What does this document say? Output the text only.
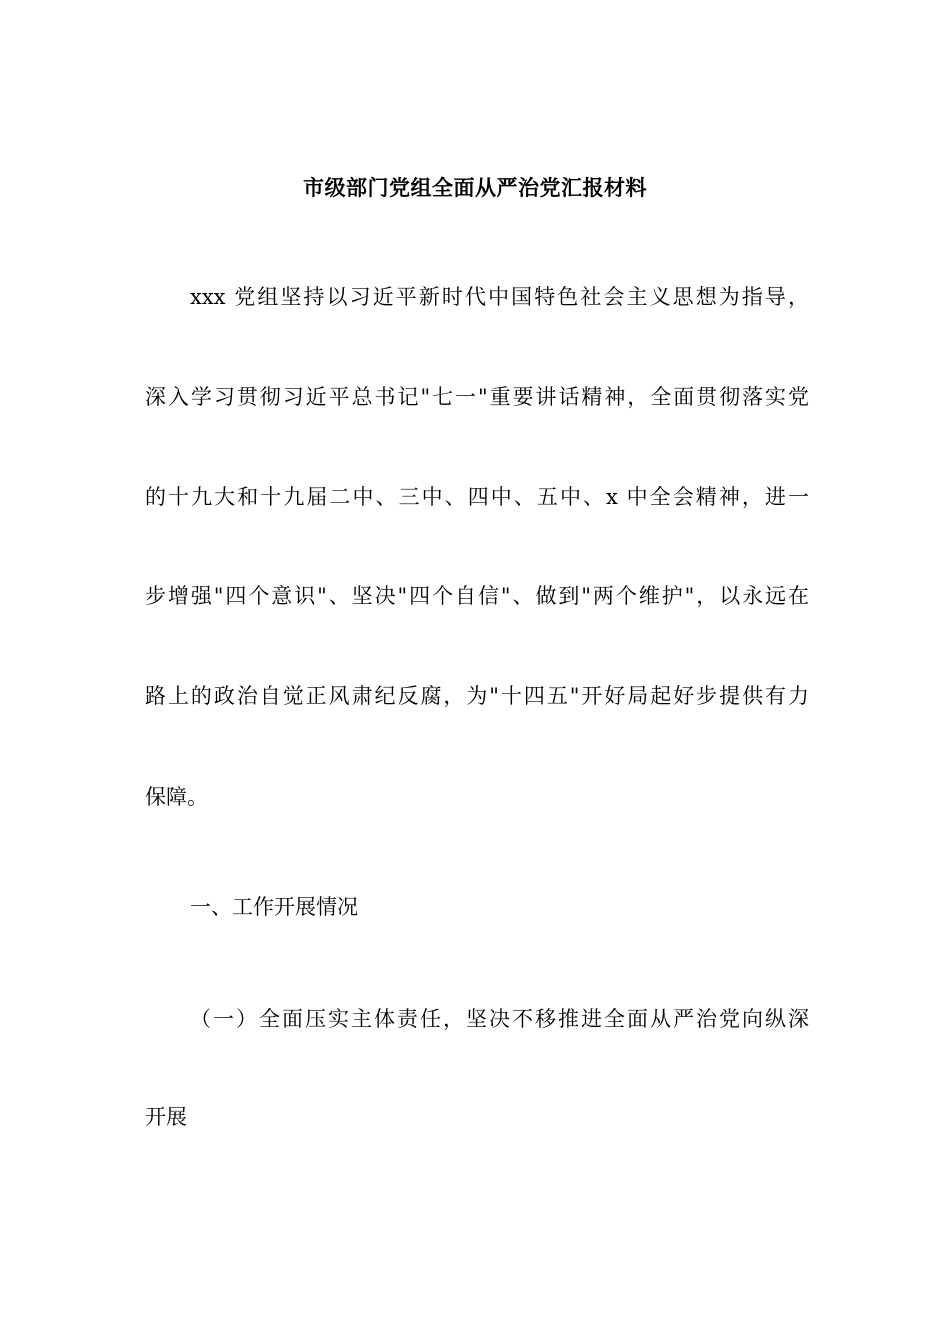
市级部门党组全面从严治党汇报材料
xxx 党组坚持以习近平新时代中国特色社会主义思想为指导，
深入学习贯彻习近平总书记"七一"重要讲话精神，全面贯彻落实党
的十九大和十九届二中、三中、四中、五中、x 中全会精神，进一
步增强"四个意识"、坚决"四个自信"、做到"两个维护"，以永远在
路上的政治自觉正风肃纪反腐，为"十四五"开好局起好步提供有力
保障。
一、工作开展情况
（一）全面压实主体责任，坚决不移推进全面从严治党向纵深
开展
